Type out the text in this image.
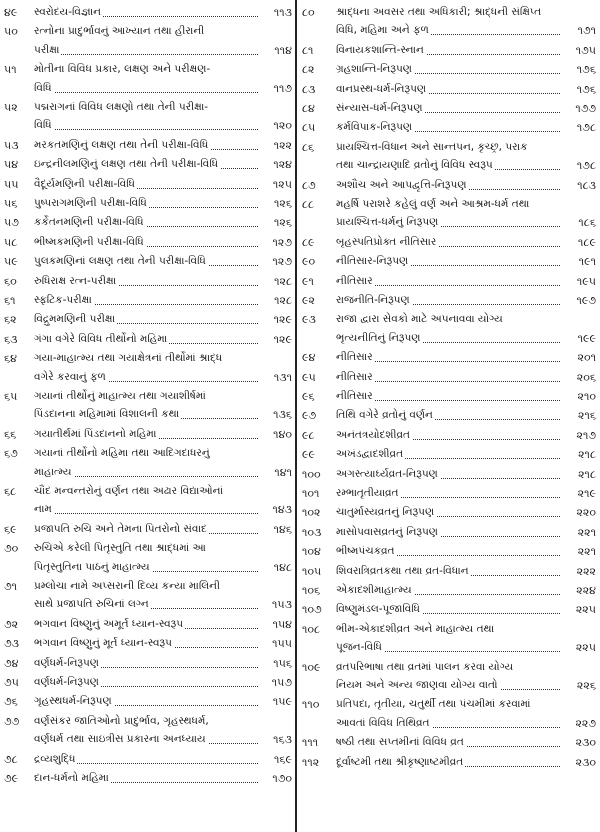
૪૯	સ્વરોદય-વિજ્ઞાન	૧૧૩
૫૦	રત્નોના પ્રાદુર્ભાવનું આખ્યાન તથા હીરાની
પરીક્ષા	૧૧૪
૫૧	મોતીના વિવિધ પ્રકાર, લક્ષણ અને પરીક્ષણ-
વિધિ	૧૧૭
૫૨	પદ્મરાગનાં વિવિધ લક્ષણો તથા તેની પરીક્ષા-
વિધિ	૧૨૦
૫૩	મરકતમણિનું લક્ષણ તથા તેની પરીક્ષા-વિધિ	૧૨૨
૫૪	ઇન્દ્રનીલમણિનું લક્ષણ તથા તેની પરીક્ષા-વિધિ	૧૨૪
૫૫	વૈદૂર્યમણિની પરીક્ષા-વિધિ	૧૨૫
૫૬	પુષ્પરાગમણિની પરીક્ષા-વિધિ	૧૨૬
૫૭	કર્કેતનમણિની પરીક્ષા-વિધિ	૧૨૬
૫૮	ભીષ્મકમણિની પરીક્ષા-વિધિ	૧૨૭
૫૯	પુલકમણિનાં લક્ષણ તથા તેની પરીક્ષા-વિધિ	૧૨૭
૬૦	રુધિરાક્ષ રત્ન-પરીક્ષા	૧૨૮
૬૧	સ્ફટિક-પરીક્ષા	૧૨૮
૬૨	વિદ્રુમમણિની પરીક્ષા	૧૨૯
૬૩	ગંગા વગેરે વિવિધ તીર્થોનો મહિમા	૧૨૯
૬૪	ગયા-માહાત્મ્ય તથા ગયાક્ષેત્રનાં તીર્થોમાં શ્રાદ્ધ
વગેરે કરવાનું ફળ	૧૩૧
૬૫	ગયાનાં તીર્થોનું માહાત્મ્ય તથા ગયાશીર્ષમાં
પિંડદાનના મહિમામાં વિશાલની કથા	૧૩૬
૬૬	ગયાતીર્થમાં પિંડદાનનો મહિમા	૧૪૦
૬૭	ગયાનાં તીર્થોનો મહિમા તથા આદિગદાધરનું
માહાત્મ્ય	૧૪૧
૬૮	ચૌદ મન્વન્તરોનું વર્ણન તથા અઢાર વિદ્યાઓનાં
નામ	૧૪૩
૬૯	પ્રજાપતિ રુચિ અને તેમના પિતરોનો સંવાદ	૧૪૬
૭૦	રુચિએ કરેલી પિતૃસ્તુતિ તથા શ્રાદ્ધમાં આ
પિતૃસ્તુતિના પાઠનું માહાત્મ્ય	૧૪૮
૭૧	પ્રમ્લોચા નામે અપ્સરાની દિવ્ય કન્યા માલિની
સાથે પ્રજાપતિ રુચિનાં લગ્ન	૧૫૩
૭૨	ભગવાન વિષ્ણુનું અમૂર્ત ધ્યાન-સ્વરૂપ	૧૫૪
૭૩	ભગવાન વિષ્ણુનું મૂર્ત ધ્યાન-સ્વરૂપ	૧૫૫
૭૪	વર્ણધર્મ-નિરૂપણ	૧૫૬
૭૫	વર્ણધર્મ-નિરૂપણ	૧૫૭
૭૬	ગૃહસ્થધર્મ-નિરૂપણ	૧૫૯
૭૭	વર્ણસંકર જાતિઓનો પ્રાદુર્ભાવ, ગૃહસ્થધર્મ,
વર્ણધર્મ તથા સાઇત્રીસ પ્રકારના અનધ્યાય	૧૬૩
૭૮	દ્રવ્યશુદ્ધિ	૧૬૯
૭૯	દાન-ધર્મનો મહિમા	૧૭૦
૮૦	શ્રાદ્ધના અવસર તથા અધિકારી; શ્રાદ્ધની સંક્ષિપ્ત
વિધિ, મહિમા અને ફળ	૧૭૧
૮૧	વિનાયકશાન્તિ-સ્નાન	૧૭૫
૮૨	ગ્રહશાન્તિ-નિરૂપણ	૧૭૬
૮૩	વાનપ્રસ્થ-ધર્મ-નિરૂપણ	૧૭૬
૮૪	સંન્યાસ-ધર્મ-નિરૂપણ	૧૭૭
૮૫	કર્મવિપાક-નિરૂપણ	૧૭૮
૮૬	પ્રાયશ્ચિત્ત-વિધાન અને સાન્તપન, કૃચ્છ્ર, પરાક
તથા ચાન્દ્રાયણાદિ વ્રતોનું વિવિધ સ્વરૂપ	૧૭૮
૮૭	અશૌચ અને આપદ્વૃત્તિ-નિરૂપણ	૧૮૩
૮૮	મહર્ષિ પરાશરે કહેલું વર્ણ અને આશ્રમ-ધર્મ તથા
પ્રાયશ્ચિત્ત-ધર્મનું નિરૂપણ	૧૮૬
૮૯	બૃહસ્પતિપ્રોક્ત નીતિસાર	૧૮૯
૯૦	નીતિસાર-નિરૂપણ	૧૯૧
૯૧	નીતિસાર	૧૯૫
૯૨	રાજનીતિ-નિરૂપણ	૧૯૭
૯૩	રાજા દ્વારા સેવકો માટે અપનાવવા યોગ્ય
ભૃત્યનીતિનું નિરૂપણ	૧૯૯
૯૪	નીતિસાર	૨૦૧
૯૫	નીતિસાર	૨૦૬
૯૬	નીતિસાર	૨૧૦
૯૭	તિથિ વગેરે વ્રતોનું વર્ણન	૨૧૬
૯૮	અનંતત્રયોદશીવ્રત	૨૧૭
૯૯	અખંડદ્વાદશીવ્રત	૨૧૮
૧૦૦	અગસ્ત્યાર્ઘ્યવ્રત-નિરૂપણ	૨૧૮
૧૦૧	રમ્ભાતૃતીયાવ્રત	૨૧૯
૧૦૨	ચાતુર્માસ્યવ્રતનું નિરૂપણ	૨૨૦
૧૦૩	માસોપવાસવ્રતનું નિરૂપણ	૨૨૧
૧૦૪	ભીષ્મપંચકવ્રત	૨૨૧
૧૦૫	શિવરાત્રિવ્રતકથા તથા વ્રત-વિધાન	૨૨૨
૧૦૬	એકાદશીમાહાત્મ્ય	૨૨૪
૧૦૭	વિષ્ણુમંડલ-પૂજાવિધિ	૨૨૫
૧૦૮	ભીમ-એકાદશીવ્રત અને માહાત્મ્ય તથા
પૂજન-વિધિ	૨૨૫
૧૦૯	વ્રતપરિભાષા તથા વ્રતમાં પાલન કરવા યોગ્ય
નિયમ અને અન્ય જાણવા યોગ્ય વાતો	૨૨૬
૧૧૦	પ્રતિપદા, તૃતીયા, ચતુર્થી તથા પંચમીમાં કરવામાં
આવતાં વિવિધ તિથિવ્રત	૨૨૭
૧૧૧	ષષ્ઠી તથા સપ્તમીનાં વિવિધ વ્રત	૨૩૦
૧૧૨	દૂર્વાષ્ટમી તથા શ્રીકૃષ્ણાષ્ટમીવ્રત	૨૩૦
